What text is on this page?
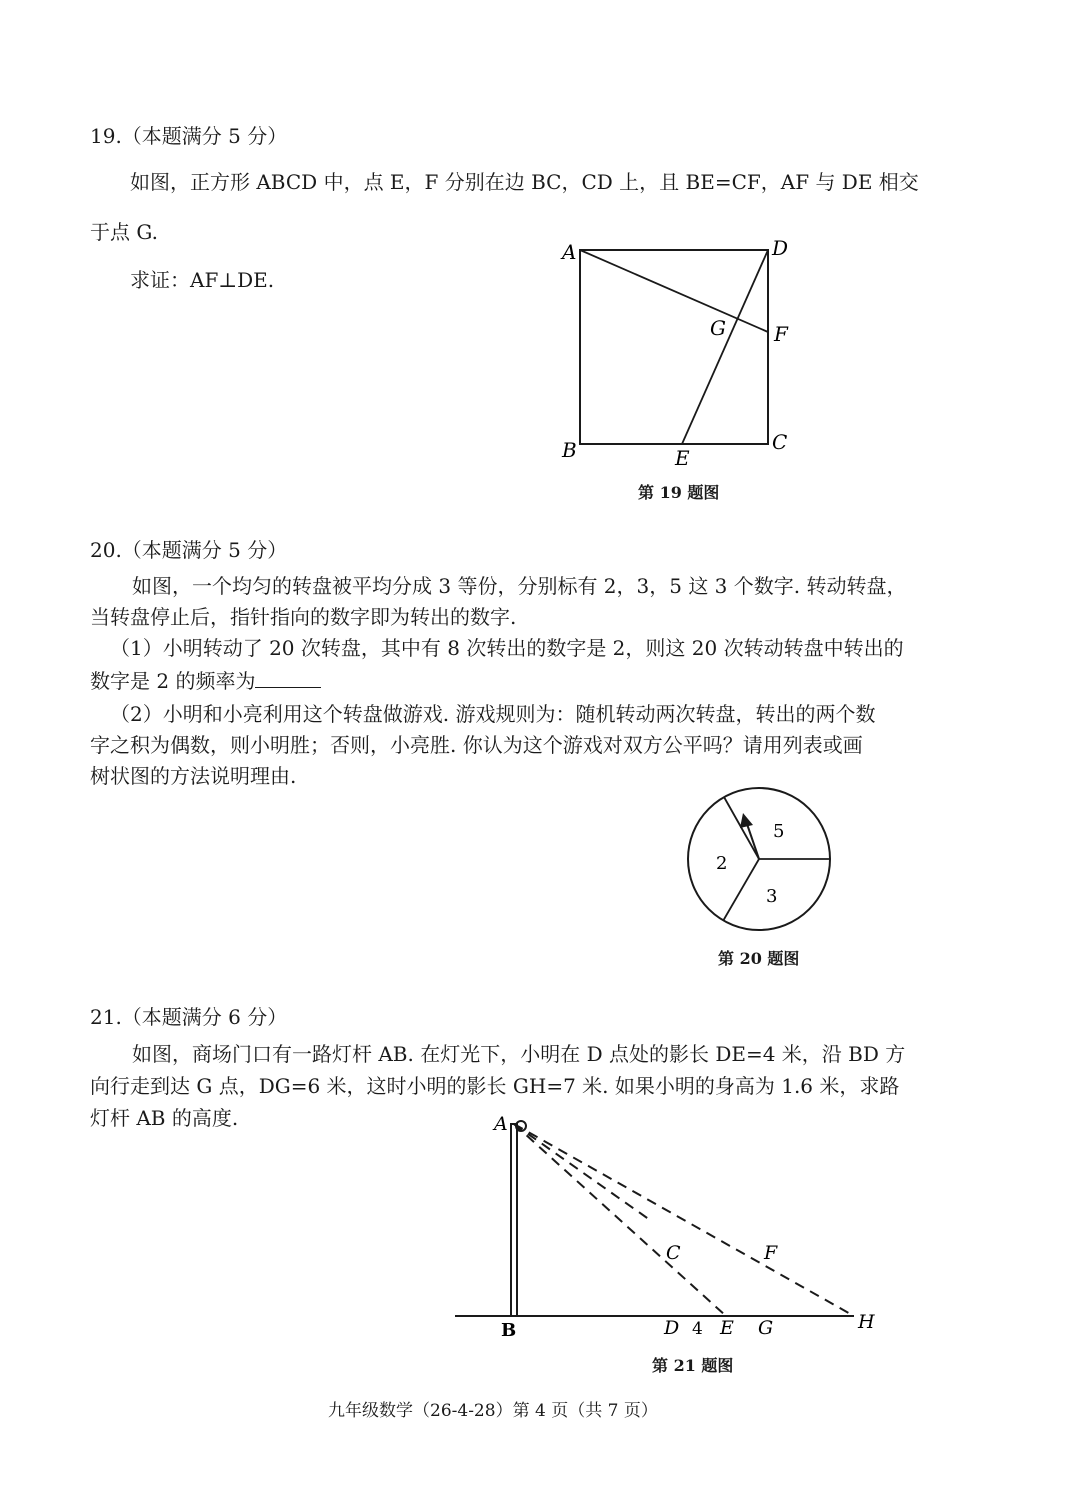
19.（本题满分 5 分）
如图，正方形 ABCD 中，点 E，F 分别在边 BC，CD 上，且 BE=CF，AF 与 DE 相交
于点 G.
求证：AF⊥DE.
A	D
G F
B	E
C
第 19 题图
20.（本题满分 5 分）
如图，一个均匀的转盘被平均分成 3 等份，分别标有 2，3，5 这 3 个数字. 转动转盘，
当转盘停止后，指针指向的数字即为转出的数字.
（1）小明转动了 20 次转盘，其中有 8 次转出的数字是 2，则这 20 次转动转盘中转出的
数字是 2 的频率为
（2）小明和小亮利用这个转盘做游戏. 游戏规则为：随机转动两次转盘，转出的两个数
字之积为偶数，则小明胜；否则，小亮胜. 你认为这个游戏对双方公平吗？请用列表或画
树状图的方法说明理由.
5
2
3
第 20 题图
21.（本题满分 6 分）
如图，商场门口有一路灯杆 AB. 在灯光下，小明在 D 点处的影长 DE=4 米，沿 BD 方
向行走到达 G 点，DG=6 米，这时小明的影长 GH=7 米. 如果小明的身高为 1.6 米，求路
灯杆 AB 的高度.	A
B
C	F
D 4 E G	H
第 21 题图
九年级数学（26-4-28）第 4 页（共 7 页）
